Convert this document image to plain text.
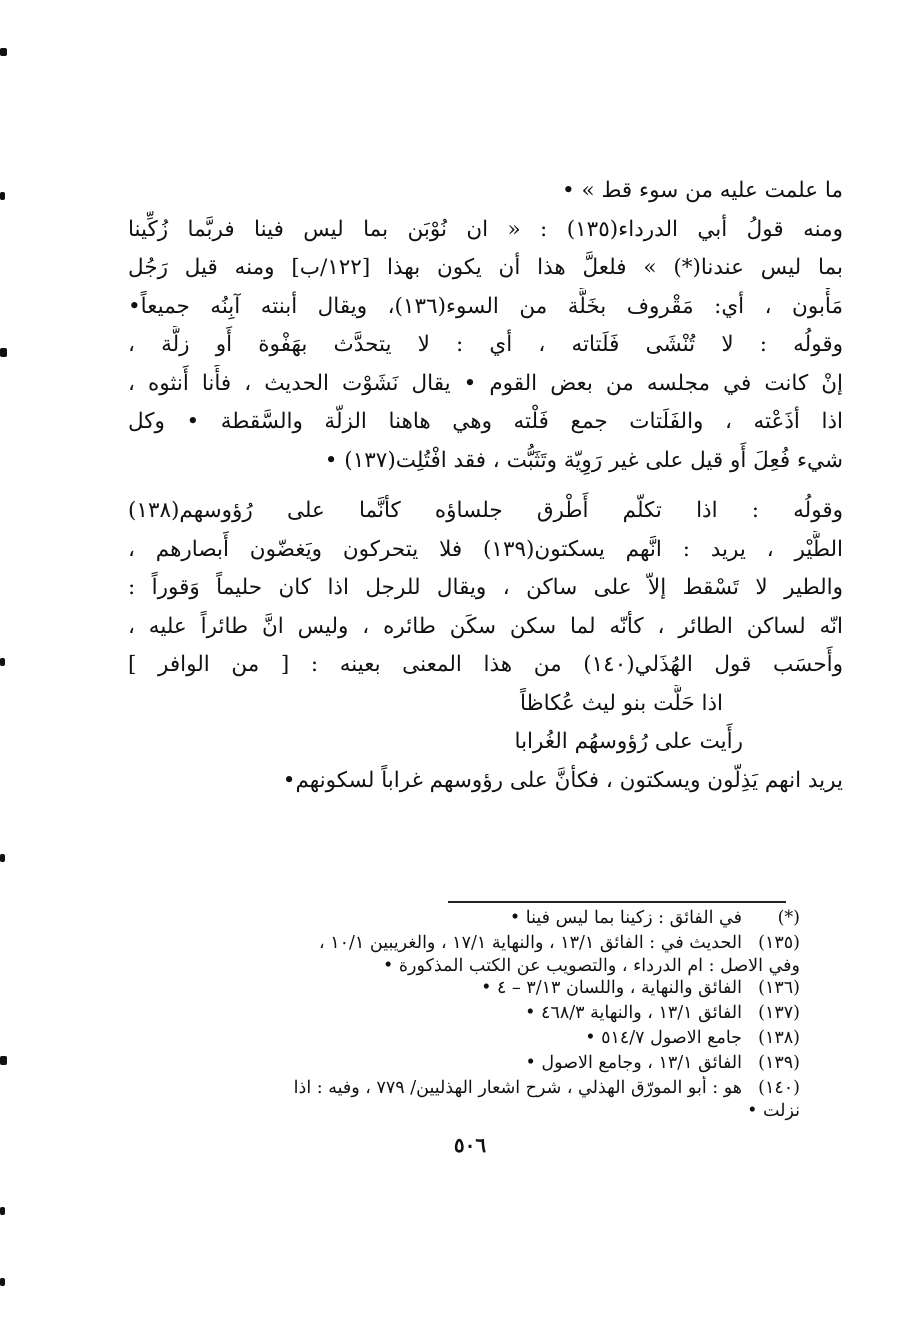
ما علمت عليه من سوء قط » •
ومنه قولُ أبي الدرداء(١٣٥) : « ان نُوْبَن بما ليس فينا فربَّما زُكِّينا
بما ليس عندنا(*) » فلعلَّ هذا أن يكون بهذا [١٢٢/ب] ومنه قيل رَجُل
مَأْبون ، أي: مَقْروف بخَلَّة من السوء(١٣٦)، ويقال أبنته آبِنُه جميعاً•
وقولُه : لا تُنْشَى فَلَتاته ، أي : لا يتحدَّث بهَفْوة أَو زلَّة ،
إنْ كانت في مجلسه من بعض القوم • يقال نَشَوْت الحديث ، فأَنا أَنثوه ،
اذا أذَعْته ، والفَلَتات جمع فَلْته وهي هاهنا الزلّة والسَّقطة • وكل
شيء فُعِلَ أَو قيل على غير رَوِيّة وتَثَبُّت ، فقد افْتُلِت(١٣٧) •
وقولُه : اذا تكلّم أَطْرق جلساؤه كأنَّما على رُؤوسهم(١٣٨)
الطَّيْر ، يريد : انَّهم يسكتون(١٣٩) فلا يتحركون ويَغضّون أَبصارهم ،
والطير لا تَسْقط إلاّ على ساكن ، ويقال للرجل اذا كان حليماً وَقوراً :
انّه لساكن الطائر ، كأنّه لما سكن سكَن طائره ، وليس انَّ طائراً عليه ،
وأَحسَب قول الهُذَلي(١٤٠) من هذا المعنى بعينه : [ من الوافر ]
اذا حَلَّت بنو ليث عُكاظاً
رأَيت على رُؤوسهُم الغُرابا
يريد انهم يَذِلّون ويسكتون ، فكأنَّ على رؤوسهم غراباً لسكونهم•
(*)
في الفائق : زكينا بما ليس فينا •
(١٣٥)
الحديث في : الفائق ١٣/١ ، والنهاية ١٧/١ ، والغريبين ١٠/١ ،
وفي الاصل : ام الدرداء ، والتصويب عن الكتب المذكورة •
(١٣٦)
الفائق والنهاية ، واللسان ٣/١٣ – ٤ •
(١٣٧)
الفائق ١٣/١ ، والنهاية ٤٦٨/٣ •
(١٣٨)
جامع الاصول ٥١٤/٧ •
(١٣٩)
الفائق ١٣/١ ، وجامع الاصول •
(١٤٠)
هو : أبو المورّق الهذلي ، شرح اشعار الهذليين/ ٧٧٩ ، وفيه : اذا
نزلت •
٥٠٦
